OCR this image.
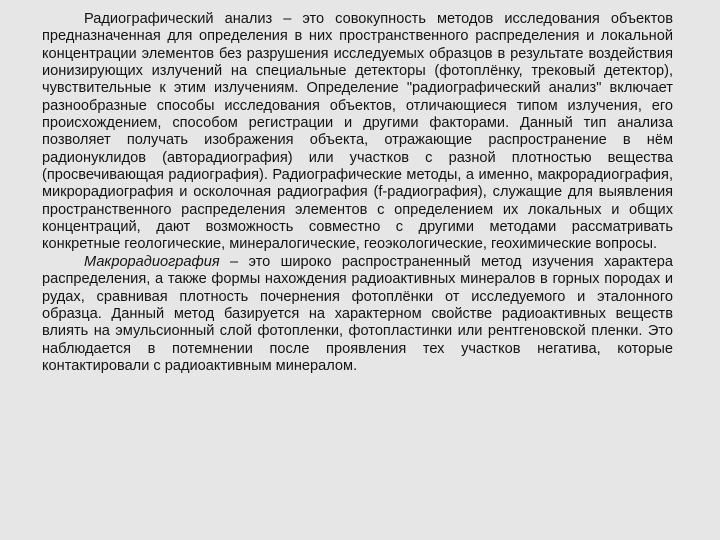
Радиографический анализ – это совокупность методов исследования объектов предназначенная для определения в них пространственного распределения и локальной концентрации элементов без разрушения исследуемых образцов в результате воздействия ионизирующих излучений на специальные детекторы (фотоплёнку, трековый детектор), чувствительные к этим излучениям. Определение "радиографический анализ" включает разнообразные способы исследования объектов, отличающиеся типом излучения, его происхождением, способом регистрации и другими факторами. Данный тип анализа позволяет получать изображения объекта, отражающие распространение в нём радионуклидов (авторадиография) или участков с разной плотностью вещества (просвечивающая радиография). Радиографические методы, а именно, макрорадиография, микрорадиография и осколочная радиография (f-радиография), служащие для выявления пространственного распределения элементов с определением их локальных и общих концентраций, дают возможность совместно с другими методами рассматривать конкретные геологические, минералогические, геоэкологические, геохимические вопросы.

Макрорадиография – это широко распространенный метод изучения характера распределения, а также формы нахождения радиоактивных минералов в горных породах и рудах, сравнивая плотность почернения фотоплёнки от исследуемого и эталонного образца. Данный метод базируется на характерном свойстве радиоактивных веществ влиять на эмульсионный слой фотопленки, фотопластинки или рентгеновской пленки. Это наблюдается в потемнении после проявления тех участков негатива, которые контактировали с радиоактивным минералом.
